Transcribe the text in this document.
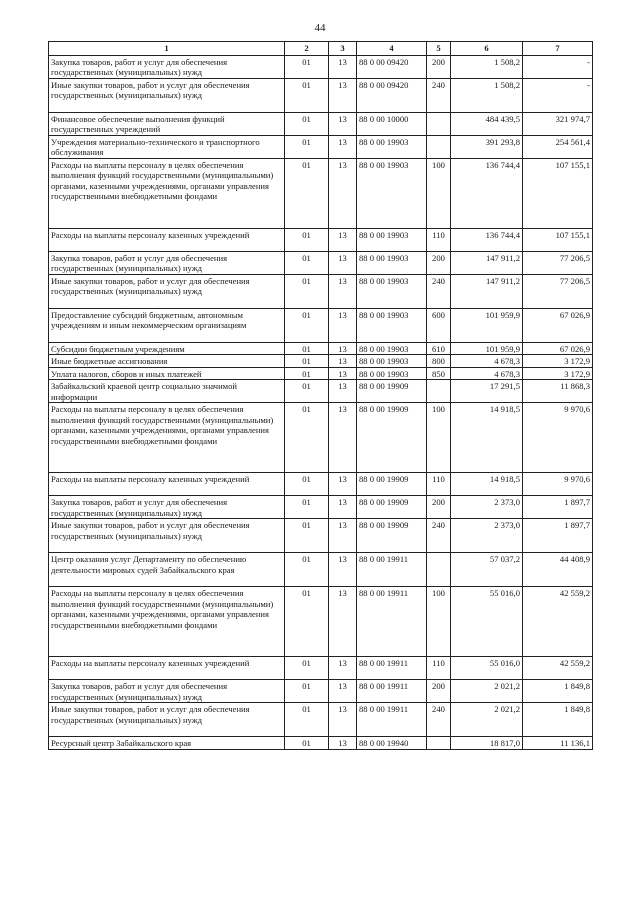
44
1	2	3	4	5	6	7
Закупка товаров, работ и услуг для обеспечения государственных (муниципальных) нужд	01	13	88 0 00 09420	200	1 508,2	-
Иные закупки товаров, работ и услуг для обеспечения государственных (муниципальных) нужд	01	13	88 0 00 09420	240	1 508,2	-
Финансовое обеспечение выполнения функций государственных учреждений	01	13	88 0 00 10000		484 439,5	321 974,7
Учреждения материально-технического и транспортного обслуживания	01	13	88 0 00 19903		391 293,8	254 561,4
Расходы на выплаты персоналу в целях обеспечения выполнения функций государственными (муниципальными) органами, казенными учреждениями, органами управления государственными внебюджетными фондами	01	13	88 0 00 19903	100	136 744,4	107 155,1
Расходы на выплаты персоналу казенных учреждений	01	13	88 0 00 19903	110	136 744,4	107 155,1
Закупка товаров, работ и услуг для обеспечения государственных (муниципальных) нужд	01	13	88 0 00 19903	200	147 911,2	77 206,5
Иные закупки товаров, работ и услуг для обеспечения государственных (муниципальных) нужд	01	13	88 0 00 19903	240	147 911,2	77 206,5
Предоставление субсидий бюджетным, автономным учреждениям и иным некоммерческим организациям	01	13	88 0 00 19903	600	101 959,9	67 026,9
Субсидии бюджетным учреждениям	01	13	88 0 00 19903	610	101 959,9	67 026,9
Иные бюджетные ассигнования	01	13	88 0 00 19903	800	4 678,3	3 172,9
Уплата налогов, сборов и иных платежей	01	13	88 0 00 19903	850	4 678,3	3 172,9
Забайкальский краевой центр социально значимой информации	01	13	88 0 00 19909		17 291,5	11 868,3
Расходы на выплаты персоналу в целях обеспечения выполнения функций государственными (муниципальными) органами, казенными учреждениями, органами управления государственными внебюджетными фондами	01	13	88 0 00 19909	100	14 918,5	9 970,6
Расходы на выплаты персоналу казенных учреждений	01	13	88 0 00 19909	110	14 918,5	9 970,6
Закупка товаров, работ и услуг для обеспечения государственных (муниципальных) нужд	01	13	88 0 00 19909	200	2 373,0	1 897,7
Иные закупки товаров, работ и услуг для обеспечения государственных (муниципальных) нужд	01	13	88 0 00 19909	240	2 373,0	1 897,7
Центр оказания услуг Департаменту по обеспечению деятельности мировых судей Забайкальского края	01	13	88 0 00 19911		57 037,2	44 408,9
Расходы на выплаты персоналу в целях обеспечения выполнения функций государственными (муниципальными) органами, казенными учреждениями, органами управления государственными внебюджетными фондами	01	13	88 0 00 19911	100	55 016,0	42 559,2
Расходы на выплаты персоналу казенных учреждений	01	13	88 0 00 19911	110	55 016,0	42 559,2
Закупка товаров, работ и услуг для обеспечения государственных (муниципальных) нужд	01	13	88 0 00 19911	200	2 021,2	1 849,8
Иные закупки товаров, работ и услуг для обеспечения государственных (муниципальных) нужд	01	13	88 0 00 19911	240	2 021,2	1 849,8
Ресурсный центр Забайкальского края	01	13	88 0 00 19940		18 817,0	11 136,1
